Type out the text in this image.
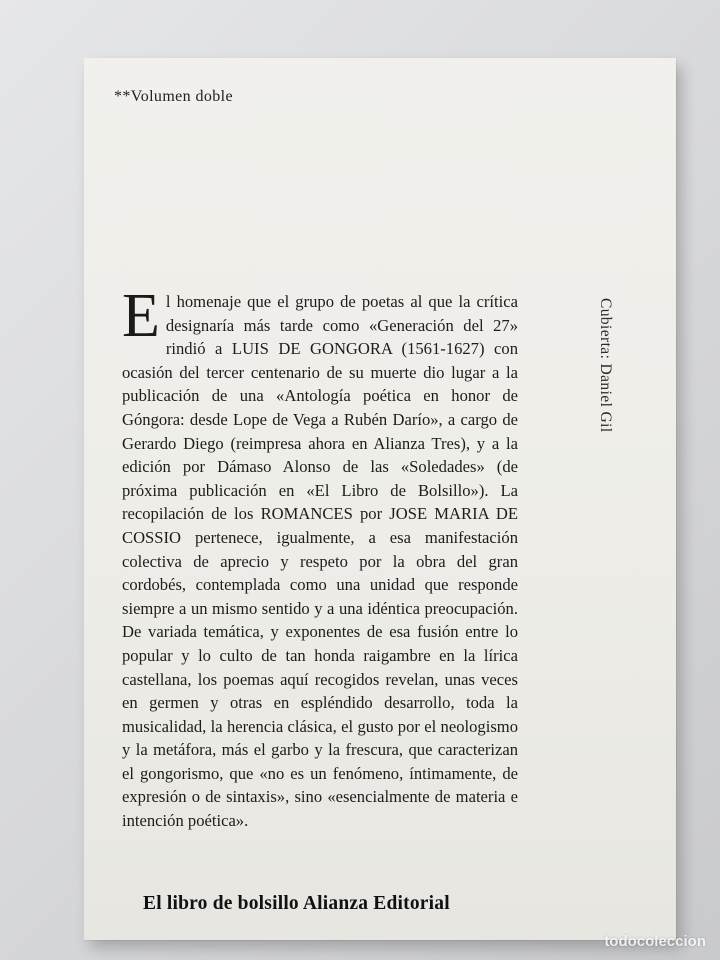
**Volumen doble
El homenaje que el grupo de poetas al que la crítica designaría más tarde como «Generación del 27» rindió a LUIS DE GONGORA (1561-1627) con ocasión del tercer centenario de su muerte dio lugar a la publicación de una «Antología poética en honor de Góngora: desde Lope de Vega a Rubén Darío», a cargo de Gerardo Diego (reimpresa ahora en Alianza Tres), y a la edición por Dámaso Alonso de las «Soledades» (de próxima publicación en «El Libro de Bolsillo»). La recopilación de los ROMANCES por JOSE MARIA DE COSSIO pertenece, igualmente, a esa manifestación colectiva de aprecio y respeto por la obra del gran cordobés, contemplada como una unidad que responde siempre a un mismo sentido y a una idéntica preocupación. De variada temática, y exponentes de esa fusión entre lo popular y lo culto de tan honda raigambre en la lírica castellana, los poemas aquí recogidos revelan, unas veces en germen y otras en espléndido desarrollo, toda la musicalidad, la herencia clásica, el gusto por el neologismo y la metáfora, más el garbo y la frescura, que caracterizan el gongorismo, que «no es un fenómeno, íntimamente, de expresión o de sintaxis», sino «esencialmente de materia e intención poética».
Cubierta: Daniel Gil
El libro de bolsillo Alianza Editorial
todocoleccion
